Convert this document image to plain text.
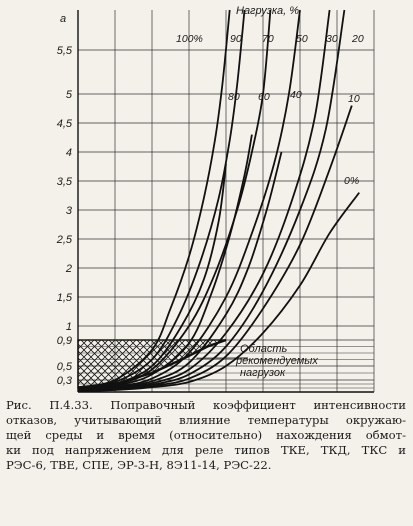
Область
рекомендуемых
нагрузок
0,3
0,5
0,9
1
1,5
2
2,5
3
3,5
4
4,5
5
5,5
a
Нагрузка, %
100%	90
80
70
60
50
40
30 20
10
0%
Рис. П.4.33. Поправочный коэффициент интенсивности
отказов, учитывающий влияние температуры окружаю-
щей среды и время (относительно) нахождения обмот-
ки под напряжением для реле типов ТКЕ, ТКД, ТКС и
РЭС-6, ТВЕ, СПЕ, ЭР-3-Н, 8Э11-14, РЭС-22.
